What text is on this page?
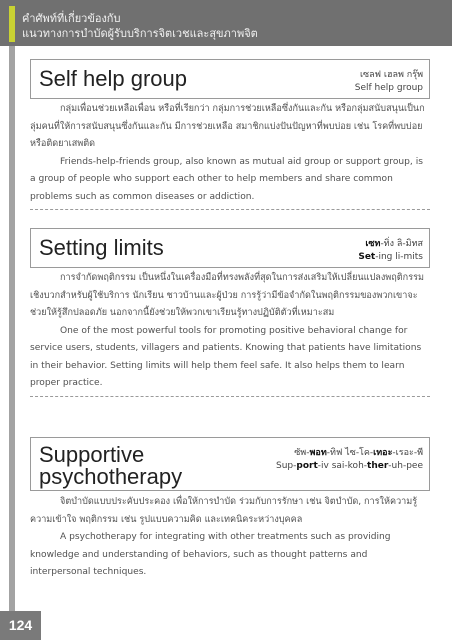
คำศัพท์ที่เกี่ยวข้องกับ
แนวทางการบำบัดผู้รับบริการจิตเวชและสุขภาพจิต
Self help group	เซลฟ เฮลพ กรุ๊พ
Self help group

กลุ่มเพื่อนช่วยเหลือเพื่อน หรือที่เรียกว่า กลุ่มการช่วยเหลือซึ่งกันและกัน หรือกลุ่มสนับสนุนเป็นกลุ่มคนที่ให้การสนับสนุนซึ่งกันและกัน มีการช่วยเหลือ สมาชิกแบ่งปันปัญหาที่พบบ่อย เช่น โรคที่พบบ่อยหรือติดยาเสพติด

Friends-help-friends group, also known as mutual aid group or support group, is a group of people who support each other to help members and share common problems such as common diseases or addiction.

Setting limits	เซท-ทิ่ง ลิ-มิทส
Set-ing li-mits

การจำกัดพฤติกรรม เป็นหนึ่งในเครื่องมือที่ทรงพลังที่สุดในการส่งเสริมให้เปลี่ยนแปลงพฤติกรรมเชิงบวกสำหรับผู้ใช้บริการ นักเรียน ชาวบ้านและผู้ป่วย การรู้ว่ามีข้อจำกัดในพฤติกรรมของพวกเขาจะช่วยให้รู้สึกปลอดภัย นอกจากนี้ยังช่วยให้พวกเขาเรียนรู้ทางปฏิบัติตัวที่เหมาะสม

One of the most powerful tools for promoting positive behavioral change for service users, students, villagers and patients. Knowing that patients have limitations in their behavior. Setting limits will help them feel safe. It also helps them to learn proper practice.

Supportive
psychotherapy
ซัพ-พอท-ทิฟ ไซ-โค-เทอะ-เรอะ-พี
Sup-port-iv sai-koh-ther-uh-pee

จิตบำบัดแบบประคับประคอง เพื่อให้การบำบัด ร่วมกับการรักษา เช่น จิตบำบัด, การให้ความรู้ ความเข้าใจ พฤติกรรม เช่น รูปแบบความคิด และเทคนิคระหว่างบุคคล

A psychotherapy for integrating with other treatments such as providing knowledge and understanding of behaviors, such as thought patterns and interpersonal techniques.

124
